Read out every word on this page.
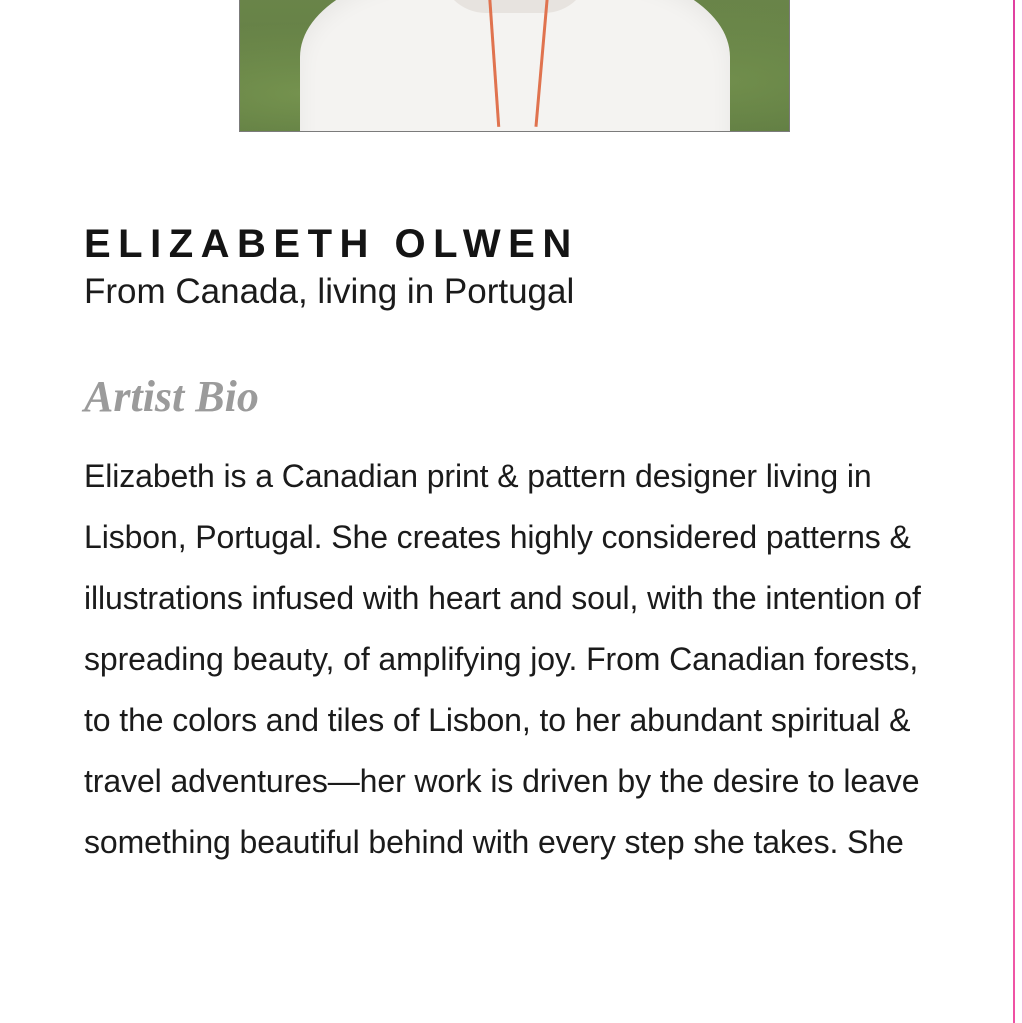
ELIZABETH OLWEN

From Canada, living in Portugal

Artist Bio

Elizabeth is a Canadian print & pattern designer living in Lisbon, Portugal. She creates highly considered patterns & illustrations infused with heart and soul, with the intention of spreading beauty, of amplifying joy. From Canadian forests, to the colors and tiles of Lisbon, to her abundant spiritual & travel adventures—her work is driven by the desire to leave something beautiful behind with every step she takes. She
